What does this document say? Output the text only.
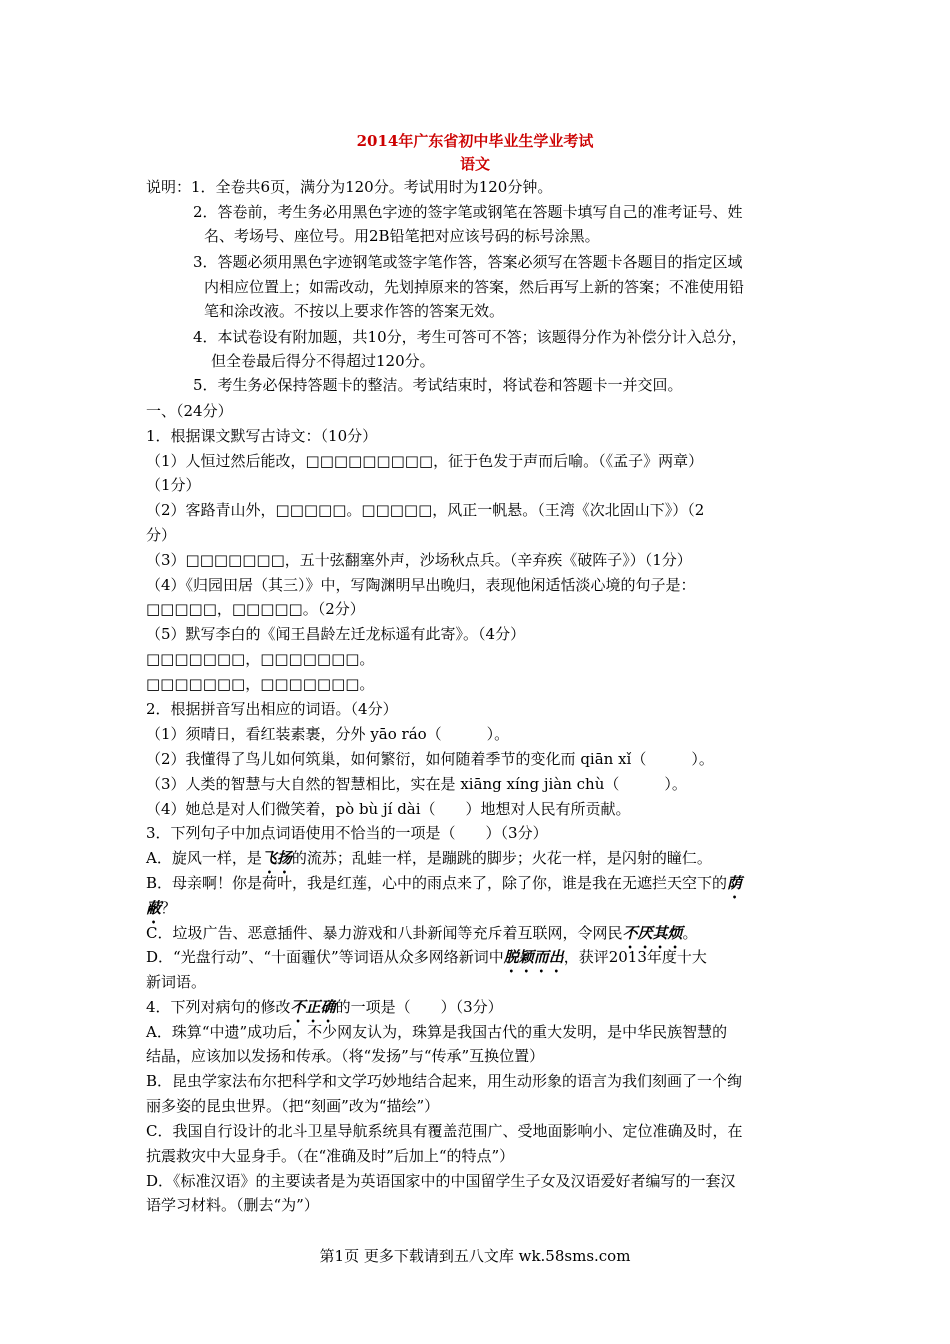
2014年广东省初中毕业生学业考试
语文
说明：1．全卷共6页，满分为120分。考试用时为120分钟。
2．答卷前，考生务必用黑色字迹的签字笔或钢笔在答题卡填写自己的准考证号、姓
名、考场号、座位号。用2B铅笔把对应该号码的标号涂黑。
3．答题必须用黑色字迹钢笔或签字笔作答，答案必须写在答题卡各题目的指定区域
内相应位置上；如需改动，先划掉原来的答案，然后再写上新的答案；不准使用铅
笔和涂改液。不按以上要求作答的答案无效。
4．本试卷设有附加题，共10分，考生可答可不答；该题得分作为补偿分计入总分，
但全卷最后得分不得超过120分。
5．考生务必保持答题卡的整洁。考试结束时，将试卷和答题卡一并交回。
一、（24分）
1．根据课文默写古诗文：（10分）
（1）人恒过然后能改，□□□□□□□□□，征于色发于声而后喻。（《孟子》两章）
（1分）
（2）客路青山外，□□□□□。□□□□□，风正一帆悬。（王湾《次北固山下》）（2
分）
（3）□□□□□□□，五十弦翻塞外声，沙场秋点兵。（辛弃疾《破阵子》）（1分）
（4）《归园田居（其三）》中，写陶渊明早出晚归，表现他闲适恬淡心境的句子是：
□□□□□，□□□□□。（2分）
（5）默写李白的《闻王昌龄左迁龙标遥有此寄》。（4分）
□□□□□□□，□□□□□□□。
□□□□□□□，□□□□□□□。
2．根据拼音写出相应的词语。（4分）
（1）须晴日，看红装素裹，分外 yāo ráo（　　　）。
（2）我懂得了鸟儿如何筑巢，如何繁衍，如何随着季节的变化而 qiān xǐ（　　　）。
（3）人类的智慧与大自然的智慧相比，实在是 xiāng xíng jiàn chù（　　　）。
（4）她总是对人们微笑着，pò bù jí dài（　　）地想对人民有所贡献。
3．下列句子中加点词语使用不恰当的一项是（　　）（3分）
A．旋风一样，是飞扬的流苏；乱蛙一样，是蹦跳的脚步；火花一样，是闪射的瞳仁。
B．母亲啊！你是荷叶，我是红莲，心中的雨点来了，除了你，谁是我在无遮拦天空下的荫
蔽？
C．垃圾广告、恶意插件、暴力游戏和八卦新闻等充斥着互联网，令网民不厌其烦。
D．“光盘行动”、“十面霾伏”等词语从众多网络新词中脱颖而出，获评2013年度十大
新词语。
4．下列对病句的修改不正确的一项是（　　）（3分）
A．珠算“中遗”成功后，不少网友认为，珠算是我国古代的重大发明，是中华民族智慧的
结晶，应该加以发扬和传承。（将“发扬”与“传承”互换位置）
B．昆虫学家法布尔把科学和文学巧妙地结合起来，用生动形象的语言为我们刻画了一个绚
丽多姿的昆虫世界。（把“刻画”改为“描绘”）
C．我国自行设计的北斗卫星导航系统具有覆盖范围广、受地面影响小、定位准确及时，在
抗震救灾中大显身手。（在“准确及时”后加上“的特点”）
D．《标准汉语》的主要读者是为英语国家中的中国留学生子女及汉语爱好者编写的一套汉
语学习材料。（删去“为”）
第1页 更多下载请到五八文库 wk.58sms.com
